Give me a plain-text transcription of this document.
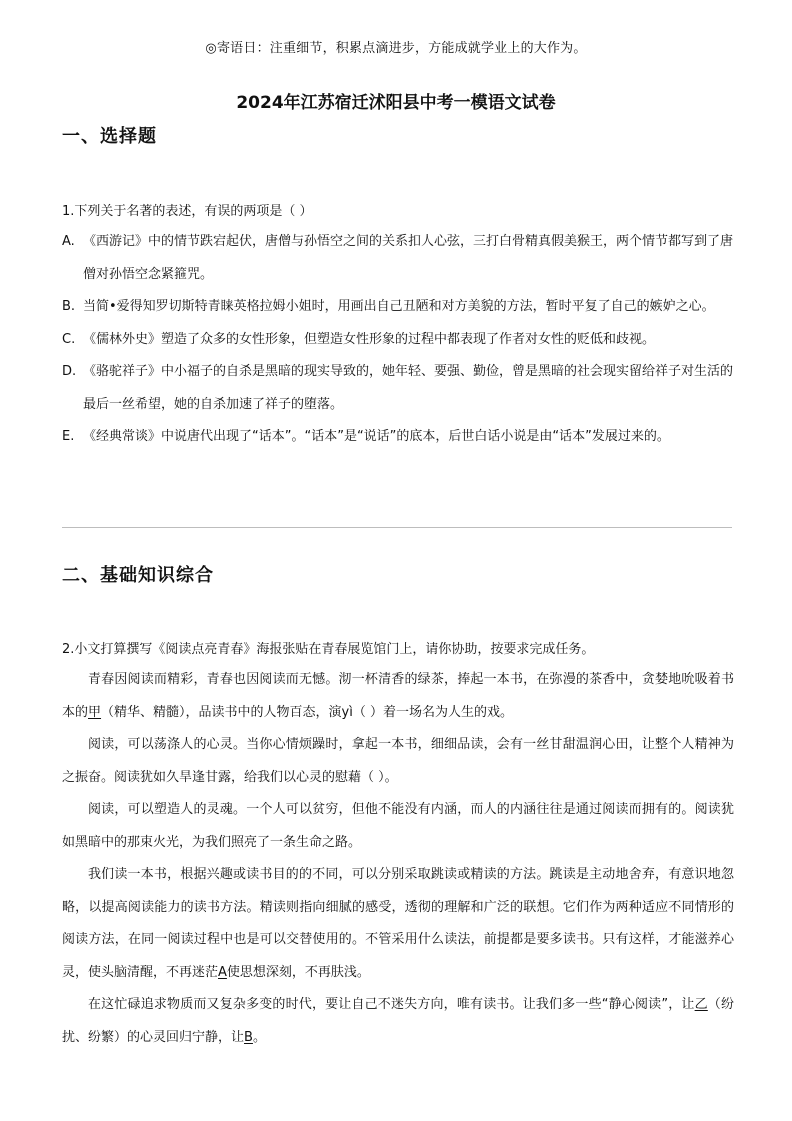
◎寄语日：注重细节，积累点滴进步，方能成就学业上的大作为。
2024年江苏宿迁沭阳县中考一模语文试卷
一、选择题
1.下列关于名著的表述，有误的两项是（ ）
A. 《西游记》中的情节跌宕起伏，唐僧与孙悟空之间的关系扣人心弦，三打白骨精真假美猴王，两个情节都写到了唐僧对孙悟空念紧箍咒。
B. 当简•爱得知罗切斯特青睐英格拉姆小姐时，用画出自己丑陋和对方美貌的方法，暂时平复了自己的嫉妒之心。
C. 《儒林外史》塑造了众多的女性形象，但塑造女性形象的过程中都表现了作者对女性的贬低和歧视。
D. 《骆驼祥子》中小福子的自杀是黑暗的现实导致的，她年轻、要强、勤俭，曾是黑暗的社会现实留给祥子对生活的最后一丝希望，她的自杀加速了祥子的堕落。
E. 《经典常谈》中说唐代出现了“话本”。“话本”是“说话”的底本，后世白话小说是由“话本”发展过来的。
二、基础知识综合
2.小文打算撰写《阅读点亮青春》海报张贴在青春展览馆门上，请你协助，按要求完成任务。

青春因阅读而精彩，青春也因阅读而无憾。沏一杯清香的绿茶，捧起一本书，在弥漫的茶香中，贪婪地吮吸着书本的甲（精华、精髓），品读书中的人物百态，演yì（ ）着一场名为人生的戏。

阅读，可以荡涤人的心灵。当你心情烦躁时，拿起一本书，细细品读，会有一丝甘甜温润心田，让整个人精神为之振奋。阅读犹如久旱逢甘露，给我们以心灵的慰藉（ ）。

阅读，可以塑造人的灵魂。一个人可以贫穷，但他不能没有内涵，而人的内涵往往是通过阅读而拥有的。阅读犹如黑暗中的那束火光，为我们照亮了一条生命之路。

我们读一本书，根据兴趣或读书目的的不同，可以分别采取跳读或精读的方法。跳读是主动地舍弃，有意识地忽略，以提高阅读能力的读书方法。精读则指向细腻的感受，透彻的理解和广泛的联想。它们作为两种适应不同情形的阅读方法，在同一阅读过程中也是可以交替使用的。不管采用什么读法，前提都是要多读书。只有这样，才能滋养心灵，使头脑清醒，不再迷茫A使思想深刻，不再肤浅。

在这忙碌追求物质而又复杂多变的时代，要让自己不迷失方向，唯有读书。让我们多一些“静心阅读”，让乙（纷扰、纷繁）的心灵回归宁静，让B。
